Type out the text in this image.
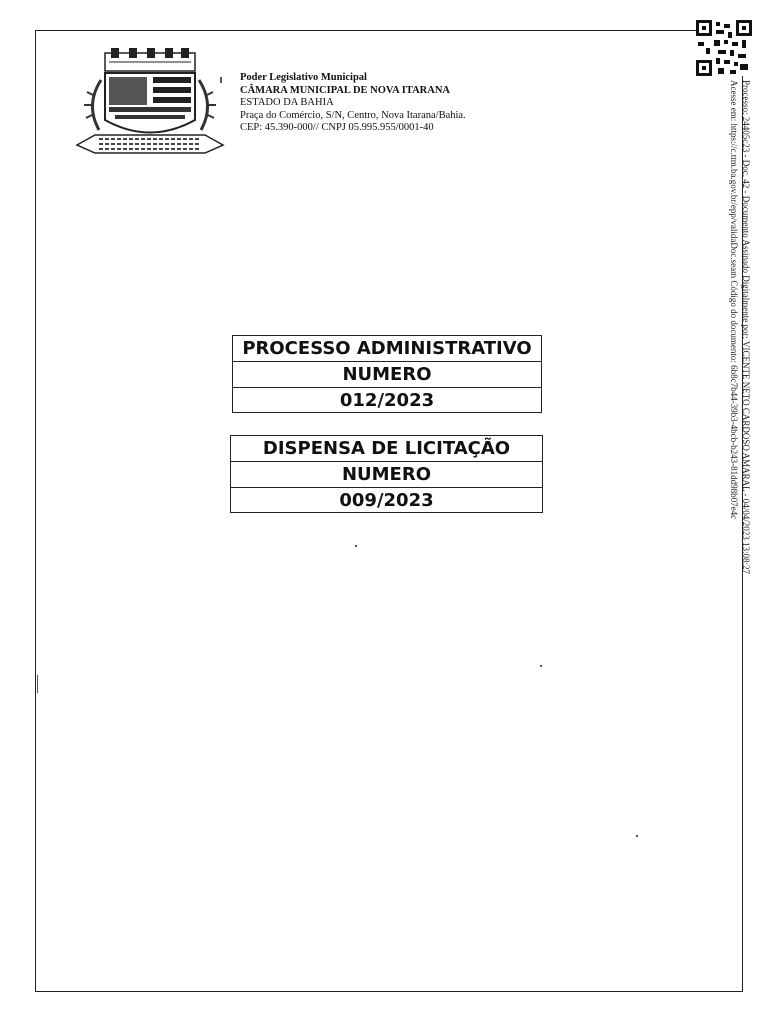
Poder Legislativo Municipal
CÂMARA MUNICIPAL DE NOVA ITARANA
ESTADO DA BAHIA
Praça do Comércio, S/N, Centro, Nova Itarana/Bahia.
CEP: 45.390-000// CNPJ 05.995.955/0001-40	Processo: 24405c23 - Doc. 42 - Documento Assinado Digitalmente por: VICENTE NETO CARDOSO AMARAL - 04/04/2023 13:08:27
Acesse em: https://c.ttm.ba.gov.br/epp/validaDoc.seam Código do documento: 6b8c7b44-39b3-4bcb-b243-81dd98b07e4c
PROCESSO ADMINISTRATIVO
NUMERO
012/2023
DISPENSA DE LICITAÇÃO
NUMERO
009/2023
